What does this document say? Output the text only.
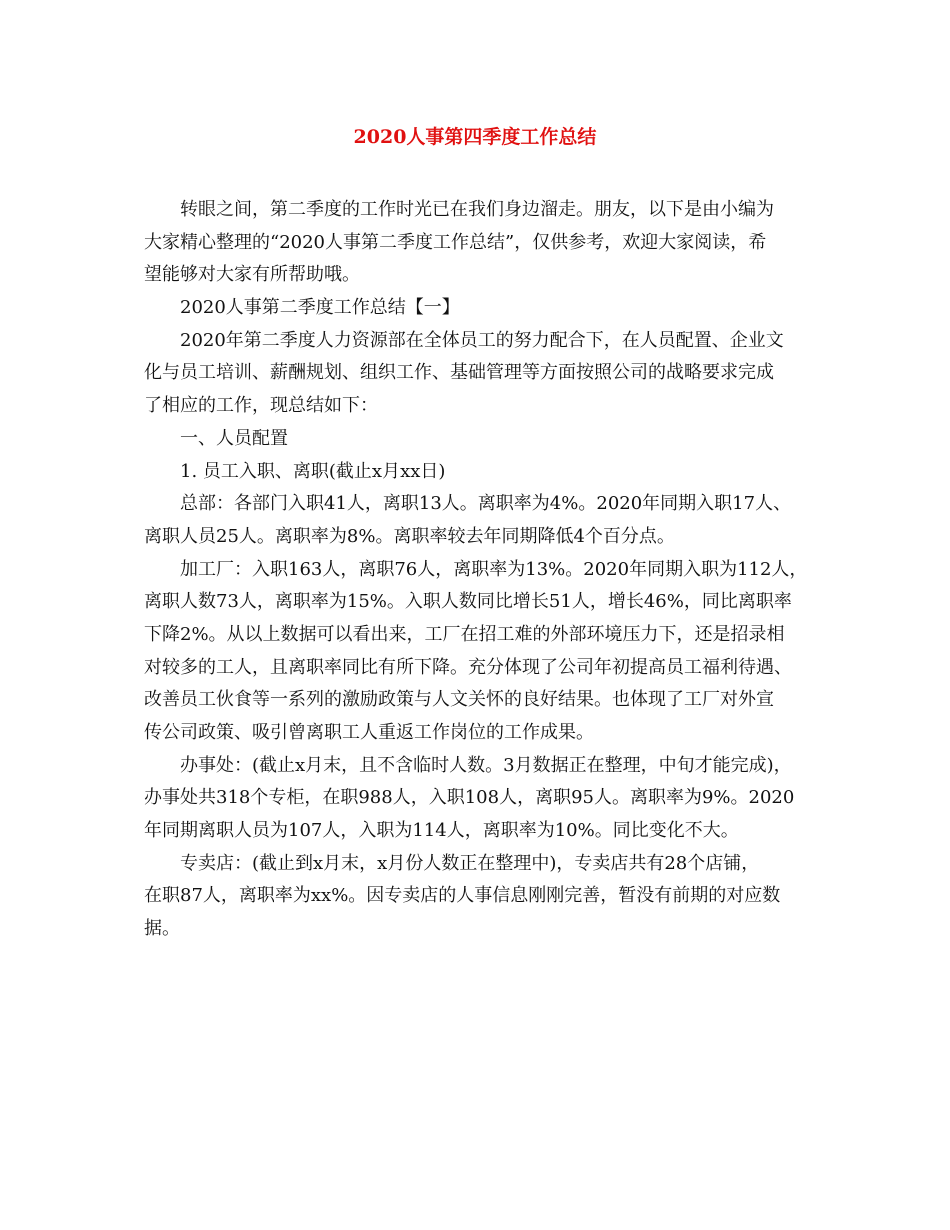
2020人事第四季度工作总结
转眼之间，第二季度的工作时光已在我们身边溜走。朋友，以下是由小编为
大家精心整理的“2020人事第二季度工作总结”，仅供参考，欢迎大家阅读，希
望能够对大家有所帮助哦。
2020人事第二季度工作总结【一】
2020年第二季度人力资源部在全体员工的努力配合下，在人员配置、企业文
化与员工培训、薪酬规划、组织工作、基础管理等方面按照公司的战略要求完成
了相应的工作，现总结如下：
一、人员配置
1. 员工入职、离职(截止x月xx日)
总部：各部门入职41人，离职13人。离职率为4%。2020年同期入职17人、
离职人员25人。离职率为8%。离职率较去年同期降低4个百分点。
加工厂：入职163人，离职76人，离职率为13%。2020年同期入职为112人，
离职人数73人，离职率为15%。入职人数同比增长51人，增长46%，同比离职率
下降2%。从以上数据可以看出来，工厂在招工难的外部环境压力下，还是招录相
对较多的工人，且离职率同比有所下降。充分体现了公司年初提高员工福利待遇、
改善员工伙食等一系列的激励政策与人文关怀的良好结果。也体现了工厂对外宣
传公司政策、吸引曾离职工人重返工作岗位的工作成果。
办事处：(截止x月末，且不含临时人数。3月数据正在整理，中旬才能完成)，
办事处共318个专柜，在职988人，入职108人，离职95人。离职率为9%。2020
年同期离职人员为107人，入职为114人，离职率为10%。同比变化不大。
专卖店：(截止到x月末，x月份人数正在整理中)，专卖店共有28个店铺，
在职87人，离职率为xx%。因专卖店的人事信息刚刚完善，暂没有前期的对应数
据。
